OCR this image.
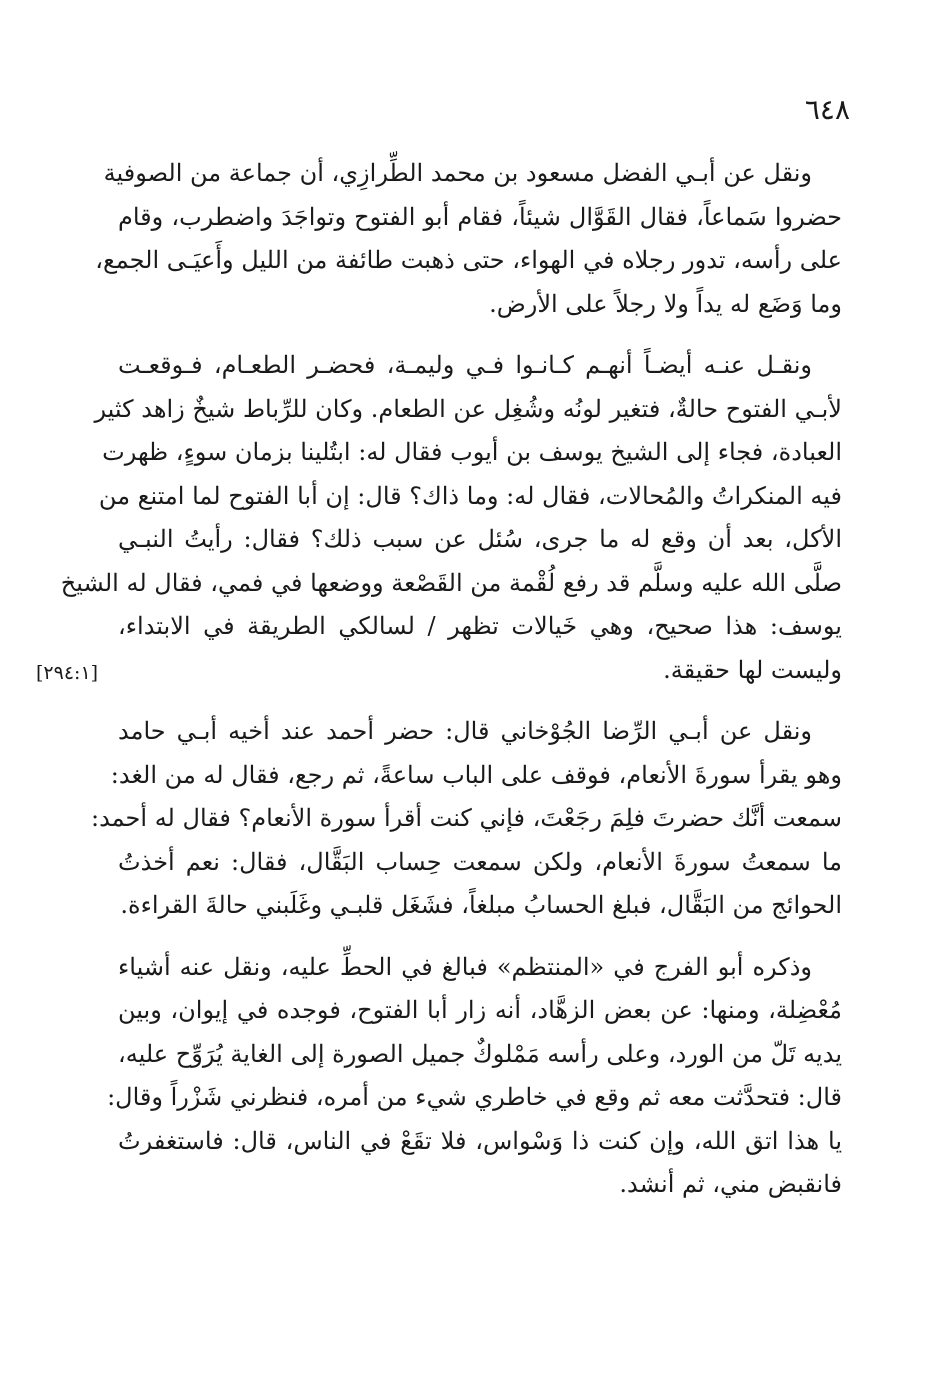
٦٤٨
[٢٩٤:١]

ونقل عن أبـي الفضل مسعود بن محمد الطِّرازِي، أن جماعة من الصوفية
حضروا سَماعاً، فقال القَوَّال شيئاً، فقام أبو الفتوح وتواجَدَ واضطرب، وقام
على رأسه، تدور رجلاه في الهواء، حتى ذهبت طائفة من الليل وأَعيَـى الجمع،
وما وَضَع له يداً ولا رجلاً على الأرض.

ونقـل عنـه أيضـاً أنهـم كـانـوا فـي وليمـة، فحضـر الطعـام، فـوقعـت
لأبـي الفتوح حالةٌ، فتغير لونُه وشُغِل عن الطعام. وكان للرِّباط شيخٌ زاهد كثير
العبادة، فجاء إلى الشيخ يوسف بن أيوب فقال له: ابتُلينا بزمان سوءٍ، ظهرت
فيه المنكراتُ والمُحالات، فقال له: وما ذاك؟ قال: إن أبا الفتوح لما امتنع من
الأكل، بعد أن وقع له ما جرى، سُئل عن سبب ذلك؟ فقال: رأيتُ النبـي
صلَّى الله عليه وسلَّم قد رفع لُقْمة من القَصْعة ووضعها في فمي، فقال له الشيخ
يوسف: هذا صحيح، وهي خَيالات تظهر / لسالكي الطريقة في الابتداء،
وليست لها حقيقة.

ونقل عن أبـي الرِّضا الجُوْخاني قال: حضر أحمد عند أخيه أبـي حامد
وهو يقرأ سورةَ الأنعام، فوقف على الباب ساعةً، ثم رجع، فقال له من الغد:
سمعت أنَّك حضرتَ فلِمَ رجَعْتَ، فإني كنت أقرأ سورة الأنعام؟ فقال له أحمد:
ما سمعتُ سورةَ الأنعام، ولكن سمعت حِساب البَقَّال، فقال: نعم أخذتُ
الحوائج من البَقَّال، فبلغ الحسابُ مبلغاً، فشَغَل قلبـي وغَلَبني حالةَ القراءة.

وذكره أبو الفرج في «المنتظم» فبالغ في الحطِّ عليه، ونقل عنه أشياء
مُعْضِلة، ومنها: عن بعض الزهَّاد، أنه زار أبا الفتوح، فوجده في إيوان، وبين
يديه تَلّ من الورد، وعلى رأسه مَمْلوكٌ جميل الصورة إلى الغاية يُرَوِّح عليه،
قال: فتحدَّثت معه ثم وقع في خاطري شيء من أمره، فنظرني شَزْراً وقال:
يا هذا اتق الله، وإن كنت ذا وَسْواس، فلا تقَعْ في الناس، قال: فاستغفرتُ
فانقبض مني، ثم أنشد.
